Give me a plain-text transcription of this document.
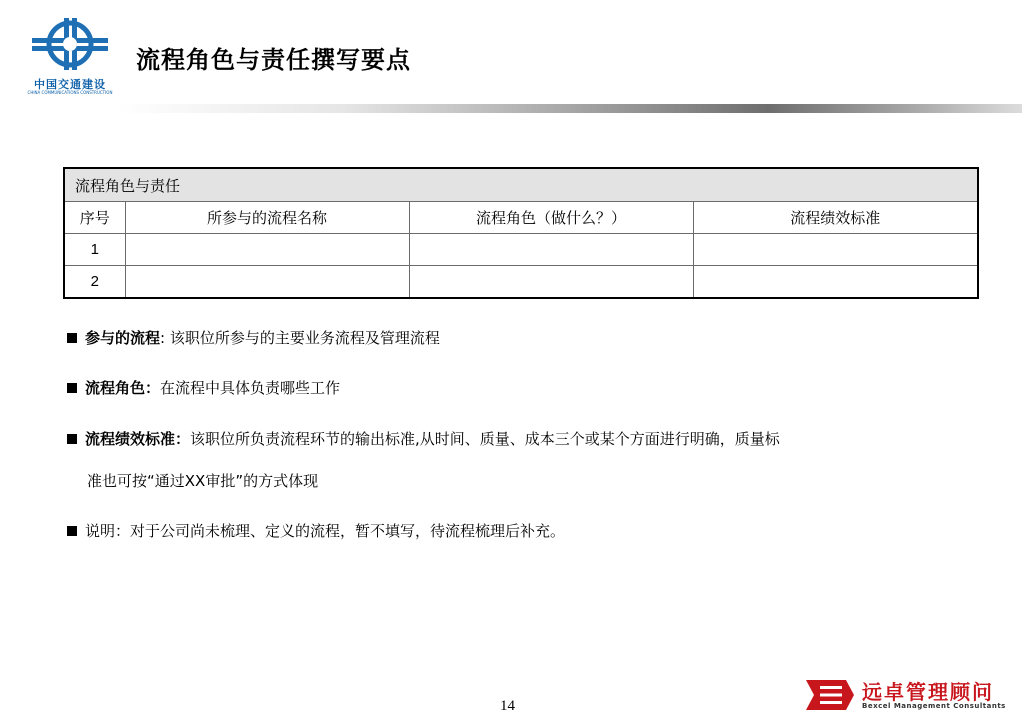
中国交通建设
CHINA COMMUNICATIONS CONSTRUCTION
流程角色与责任撰写要点
流程角色与责任			
序号	所参与的流程名称	流程角色（做什么？）	流程绩效标准
1			
2			
参与的流程: 该职位所参与的主要业务流程及管理流程
流程角色：在流程中具体负责哪些工作
流程绩效标准：该职位所负责流程环节的输出标准,从时间、质量、成本三个或某个方面进行明确，质量标
准也可按“通过XX审批”的方式体现
说明：对于公司尚未梳理、定义的流程，暂不填写，待流程梳理后补充。
14
远卓管理顾问
Bexcel Management Consultants
